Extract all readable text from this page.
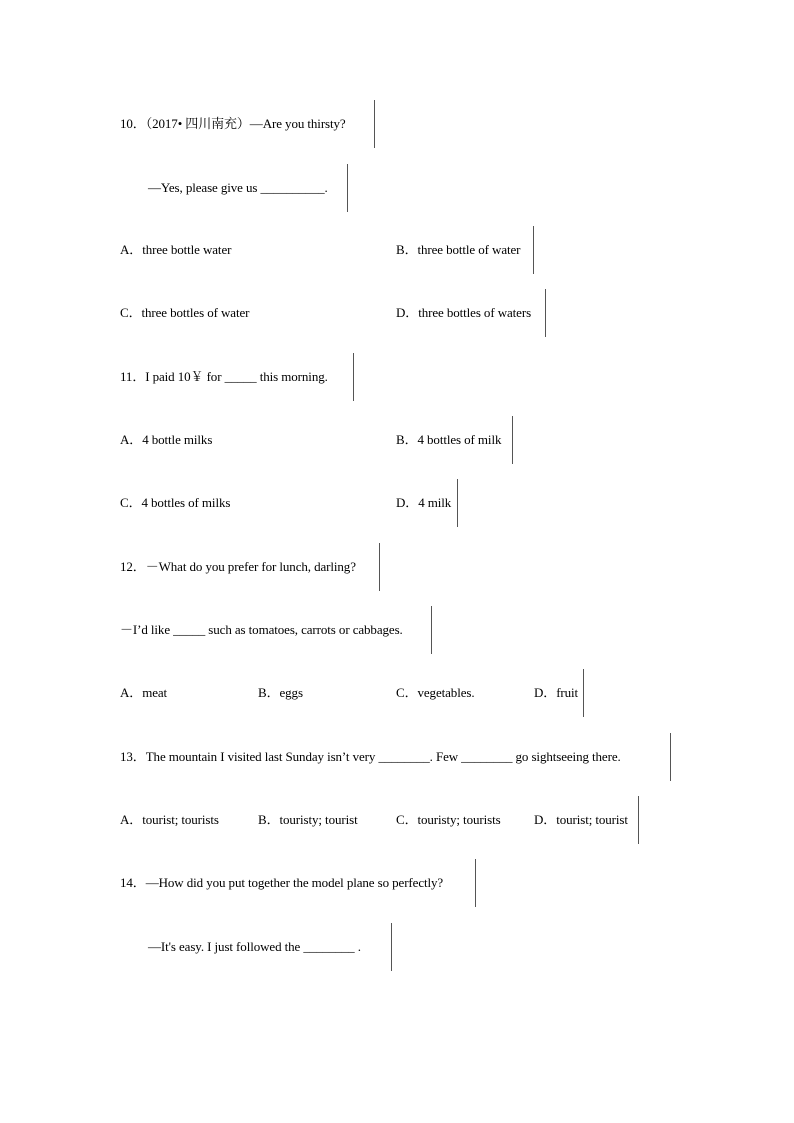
10．（2017• 四川南充）—Are you thirsty?
—Yes, please give us __________.
A．three bottle water	B．three bottle of water
C．three bottles of water	D．three bottles of waters
11．I paid 10￥ for _____ this morning.
A．4 bottle milks	B．4 bottles of milk
C．4 bottles of milks	D．4 milk
12．－What do you prefer for lunch, darling?
－I’d like _____ such as tomatoes, carrots or cabbages.
A．meat	B．eggs	C．vegetables.	D．fruit
13．The mountain I visited last Sunday isn’t very ________. Few ________ go sightseeing there.
A．tourist; tourists	B．touristy; tourist	C．touristy; tourists	D．tourist; tourist
14．—How did you put together the model plane so perfectly?
—It's easy. I just followed the ________ .
